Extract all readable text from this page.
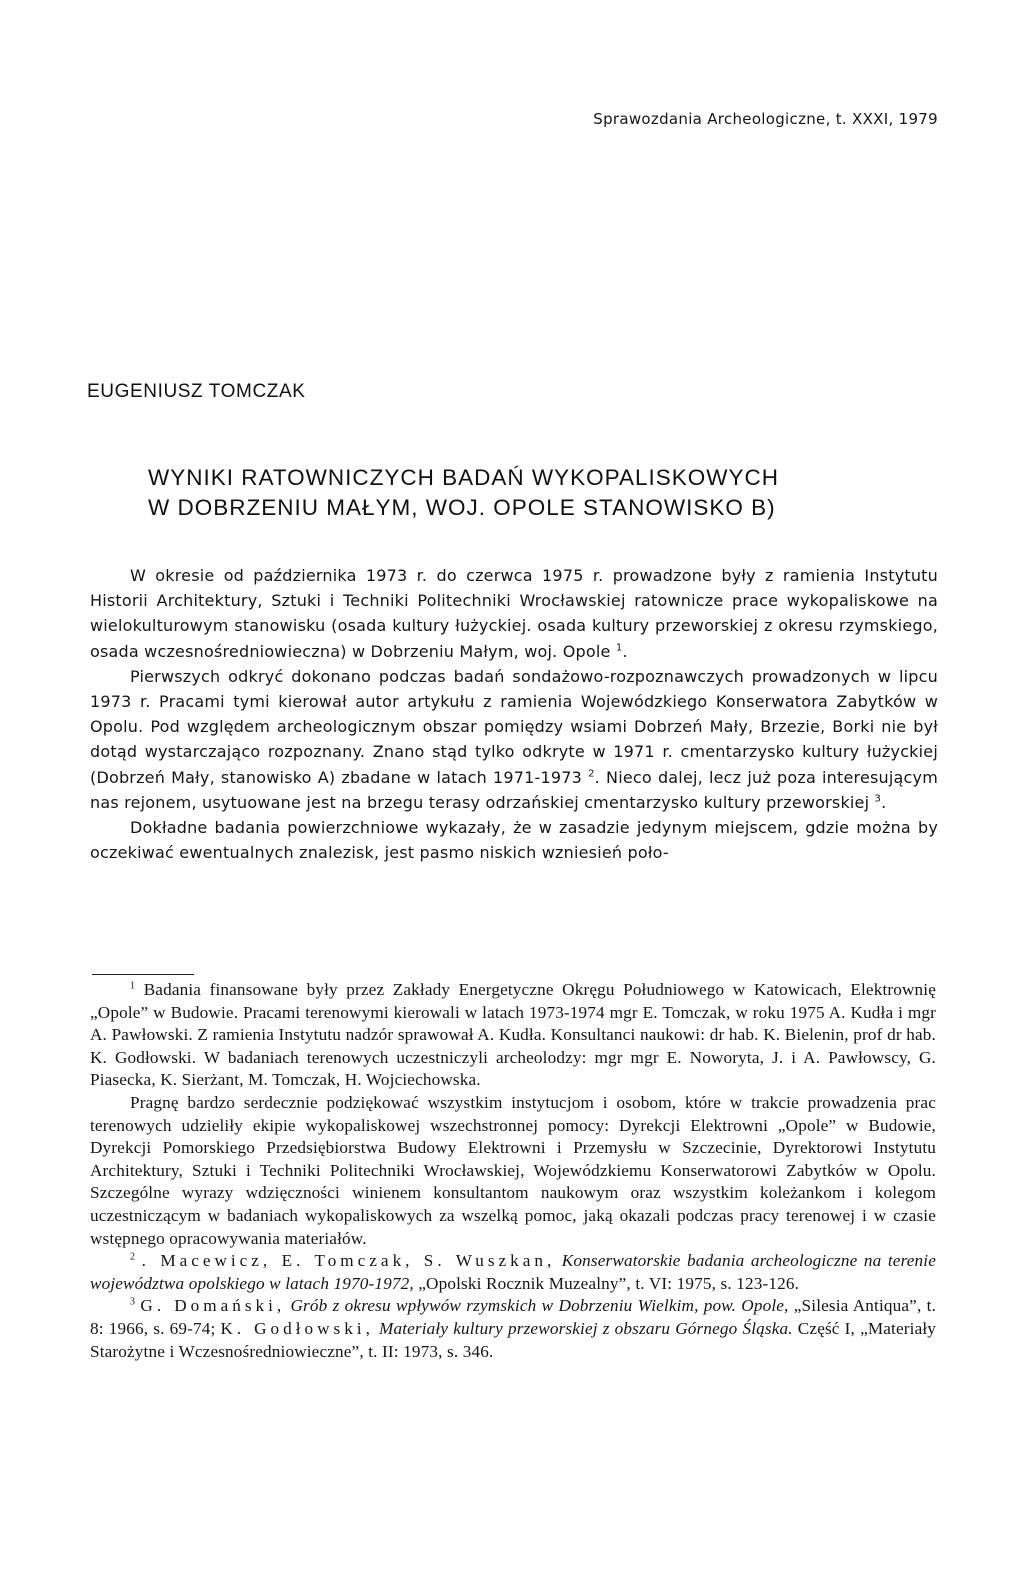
Sprawozdania Archeologiczne, t. XXXI, 1979
EUGENIUSZ TOMCZAK
WYNIKI RATOWNICZYCH BADAŃ WYKOPALISKOWYCH
W DOBRZENIU MAŁYM, WOJ. OPOLE STANOWISKO B)

W okresie od października 1973 r. do czerwca 1975 r. prowadzone były z ramienia Instytutu Historii Architektury, Sztuki i Techniki Politechniki Wrocławskiej ratownicze prace wykopaliskowe na wielokulturowym stanowisku (osada kultury łużyckiej. osada kultury przeworskiej z okresu rzymskiego, osada wczesnośredniowieczna) w Dobrzeniu Małym, woj. Opole $^1$.

Pierwszych odkryć dokonano podczas badań sondażowo-rozpoznawczych prowadzonych w lipcu 1973 r. Pracami tymi kierował autor artykułu z ramienia Wojewódzkiego Konserwatora Zabytków w Opolu. Pod względem archeologicznym obszar pomiędzy wsiami Dobrzeń Mały, Brzezie, Borki nie był dotąd wystarczająco rozpoznany. Znano stąd tylko odkryte w 1971 r. cmentarzysko kultury łużyckiej (Dobrzeń Mały, stanowisko A) zbadane w latach 1971-1973 $^2$. Nieco dalej, lecz już poza interesującym nas rejonem, usytuowane jest na brzegu terasy odrzańskiej cmentarzysko kultury przeworskiej $^3$.

Dokładne badania powierzchniowe wykazały, że w zasadzie jedynym miejscem, gdzie można by oczekiwać ewentualnych znalezisk, jest pasmo niskich wzniesień poło-

$^1$ Badania finansowane były przez Zakłady Energetyczne Okręgu Południowego w Katowicach, Elektrownię „Opole” w Budowie. Pracami terenowymi kierowali w latach 1973-1974 mgr E. Tomczak, w roku 1975 A. Kudła i mgr A. Pawłowski. Z ramienia Instytutu nadzór sprawował A. Kudła. Konsultanci naukowi: dr hab. K. Bielenin, prof dr hab. K. Godłowski. W badaniach terenowych uczestniczyli archeolodzy: mgr mgr E. Noworyta, J. i A. Pawłowscy, G. Piasecka, K. Sierżant, M. Tomczak, H. Wojciechowska.

Pragnę bardzo serdecznie podziękować wszystkim instytucjom i osobom, które w trakcie prowadzenia prac terenowych udzieliły ekipie wykopaliskowej wszechstronnej pomocy: Dyrekcji Elektrowni „Opole” w Budowie, Dyrekcji Pomorskiego Przedsiębiorstwa Budowy Elektrowni i Przemysłu w Szczecinie, Dyrektorowi Instytutu Architektury, Sztuki i Techniki Politechniki Wrocławskiej, Wojewódzkiemu Konserwatorowi Zabytków w Opolu. Szczególne wyrazy wdzięczności winienem konsultantom naukowym oraz wszystkim koleżankom i kolegom uczestniczącym w badaniach wykopaliskowych za wszelką pomoc, jaką okazali podczas pracy terenowej i w czasie wstępnego opracowywania materiałów.

$^2$ . Macewicz, E. Tomczak, S. Wuszkan, Konserwatorskie badania archeologiczne na terenie województwa opolskiego w latach 1970-1972, „Opolski Rocznik Muzealny”, t. VI: 1975, s. 123-126.

$^3$ G. Domański, Grób z okresu wpływów rzymskich w Dobrzeniu Wielkim, pow. Opole, „Silesia Antiqua”, t. 8: 1966, s. 69-74; K. Godłowski, Materiały kultury przeworskiej z obszaru Górnego Śląska. Część I, „Materiały Starożytne i Wczesnośredniowieczne”, t. II: 1973, s. 346.
